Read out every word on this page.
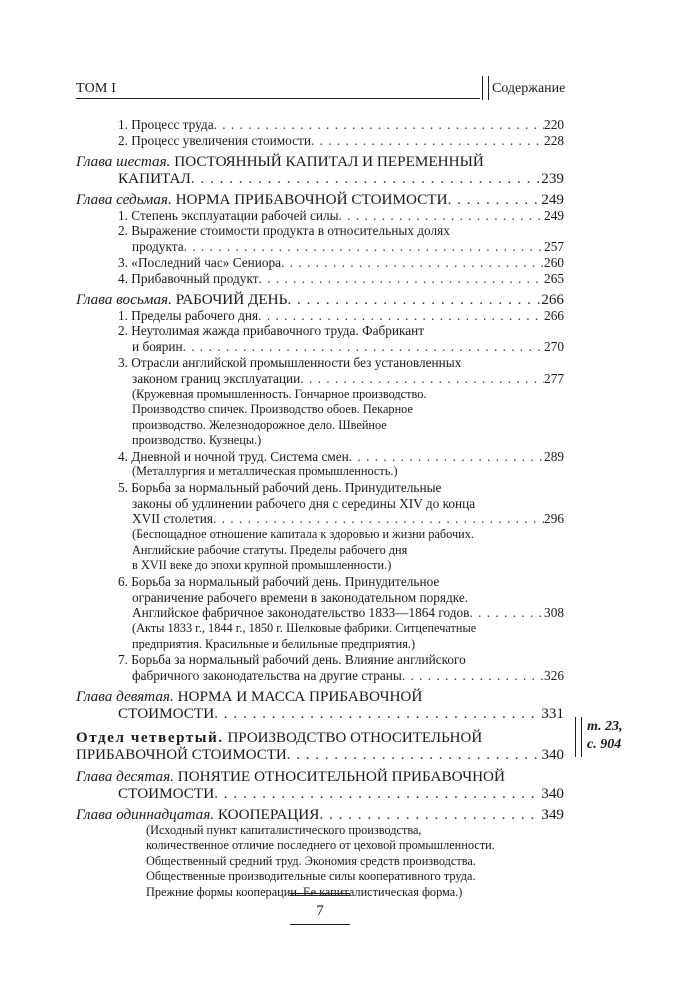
ТОМ I	Содержание
1. Процесс труда . . .	220
2. Процесс увеличения стоимости . . .	228
Глава шестая. ПОСТОЯННЫЙ КАПИТАЛ И ПЕРЕМЕННЫЙ
КАПИТАЛ . . .	239
Глава седьмая. НОРМА ПРИБАВОЧНОЙ СТОИМОСТИ . . .	249
1. Степень эксплуатации рабочей силы . . .	249
2. Выражение стоимости продукта в относительных долях
продукта . . .	257
3. «Последний час» Сениора . . .	260
4. Прибавочный продукт . . .	265
Глава восьмая. РАБОЧИЙ ДЕНЬ . . .	266
1. Пределы рабочего дня . . .	266
2. Неутолимая жажда прибавочного труда. Фабрикант
и боярин . . .	270
3. Отрасли английской промышленности без установленных
законом границ эксплуатации . . .	277
(Кружевная промышленность. Гончарное производство.
Производство спичек. Производство обоев. Пекарное
производство. Железнодорожное дело. Швейное
производство. Кузнецы.)
4. Дневной и ночной труд. Система смен . . .	289
(Металлургия и металлическая промышленность.)
5. Борьба за нормальный рабочий день. Принудительные
законы об удлинении рабочего дня с середины XIV до конца
XVII столетия . . .	296
(Беспощадное отношение капитала к здоровью и жизни рабочих.
Английские рабочие статуты. Пределы рабочего дня
в XVII веке до эпохи крупной промышленности.)
6. Борьба за нормальный рабочий день. Принудительное
ограничение рабочего времени в законодательном порядке.
Английское фабричное законодательство 1833—1864 годов . . .	308
(Акты 1833 г., 1844 г., 1850 г. Шелковые фабрики. Ситцепечатные
предприятия. Красильные и белильные предприятия.)
7. Борьба за нормальный рабочий день. Влияние английского
фабричного законодательства на другие страны . . .	326
Глава девятая. НОРМА И МАССА ПРИБАВОЧНОЙ
СТОИМОСТИ . . .	331
Отдел четвертый. ПРОИЗВОДСТВО ОТНОСИТЕЛЬНОЙ
ПРИБАВОЧНОЙ СТОИМОСТИ . . .	340
Глава десятая. ПОНЯТИЕ ОТНОСИТЕЛЬНОЙ ПРИБАВОЧНОЙ
СТОИМОСТИ . . .	340
Глава одиннадцатая. КООПЕРАЦИЯ . . .	349
(Исходный пункт капиталистического производства,
количественное отличие последнего от цеховой промышленности.
Общественный средний труд. Экономия средств производства.
Общественные производительные силы кооперативного труда.
Прежние формы кооперации. Ее капиталистическая форма.)
т. 23,
с. 904
7
